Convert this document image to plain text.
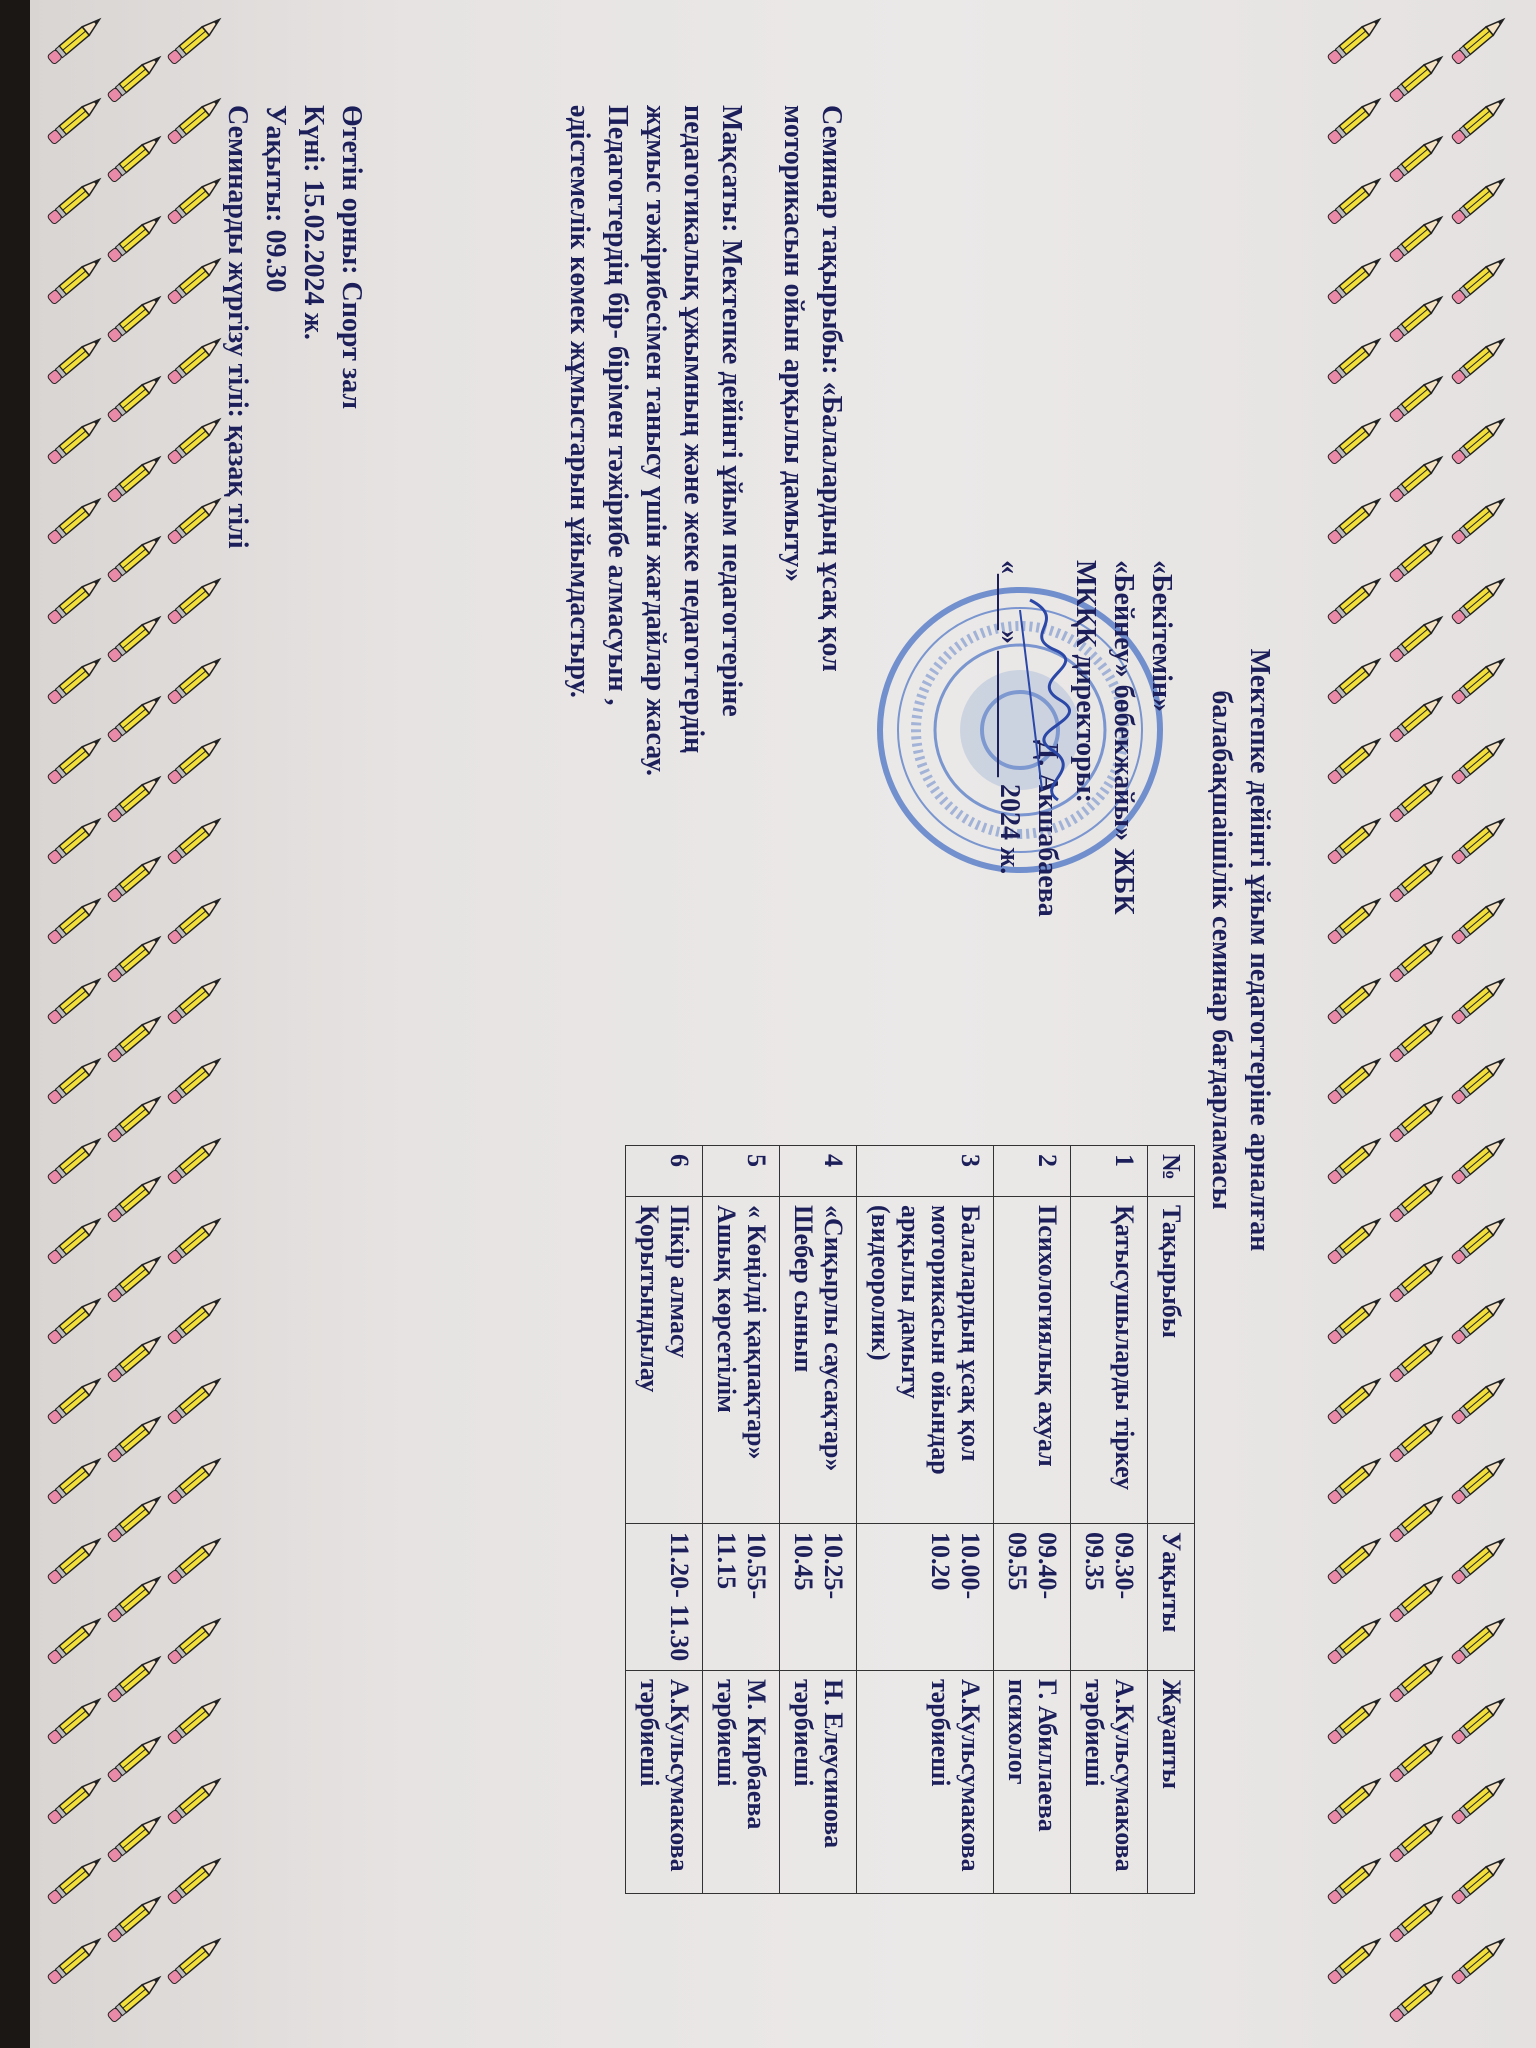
Мектепке дейінгі ұйым педагогтеріне арналған
балабақшаішілік семинар бағдарламасы
«Бекітемін»
«Бейнеу» бөбекжайы» ЖБК
МКҚК директоры:
Д. Акшабаева
«____» _________ 2024 ж.
Семинар тақырыбы: «Балалардың ұсақ қол моторикасын ойын арқылы дамыту»
Мақсаты: Мектепке дейінгі ұйым педагогтеріне педагогикалық ұжымның және жеке педагогтердің жұмыс тәжірибесімен танысу үшін жағдайлар жасау. Педагогтердің бір- бірімен тәжірибе алмасуын , әдістемелік көмек жұмыстарын ұйымдастыру.
Өтетін орны: Спорт зал
Күні: 15.02.2024 ж.
Уақыты: 09.30
Семинарды жүргізу тілі: қазақ тілі
№	Тақырыбы	Уақыты	Жауапты
1	Қатысушыларды тіркеу	09.30- 09.35	А.Кульсумакова тәрбиеші
2	Психологиялық ахуал	09.40- 09.55	Г. Абиллаева психолог
3	Балалардың ұсақ қол моторикасын ойындар арқылы дамыту (видеоролик)	10.00- 10.20	А.Кульсумакова тәрбиеші
4	«Сиқырлы саусақтар» Шебер сынып	10.25- 10.45	Н. Елеусинова тәрбиеші
5	« Көңілді қақпақтар» Ашық көрсетілім	10.55- 11.15	М. Кирбаева тәрбиеші
6	Пікір алмасу Қорытындылау	11.20- 11.30	А.Кульсумакова тәрбиеші
